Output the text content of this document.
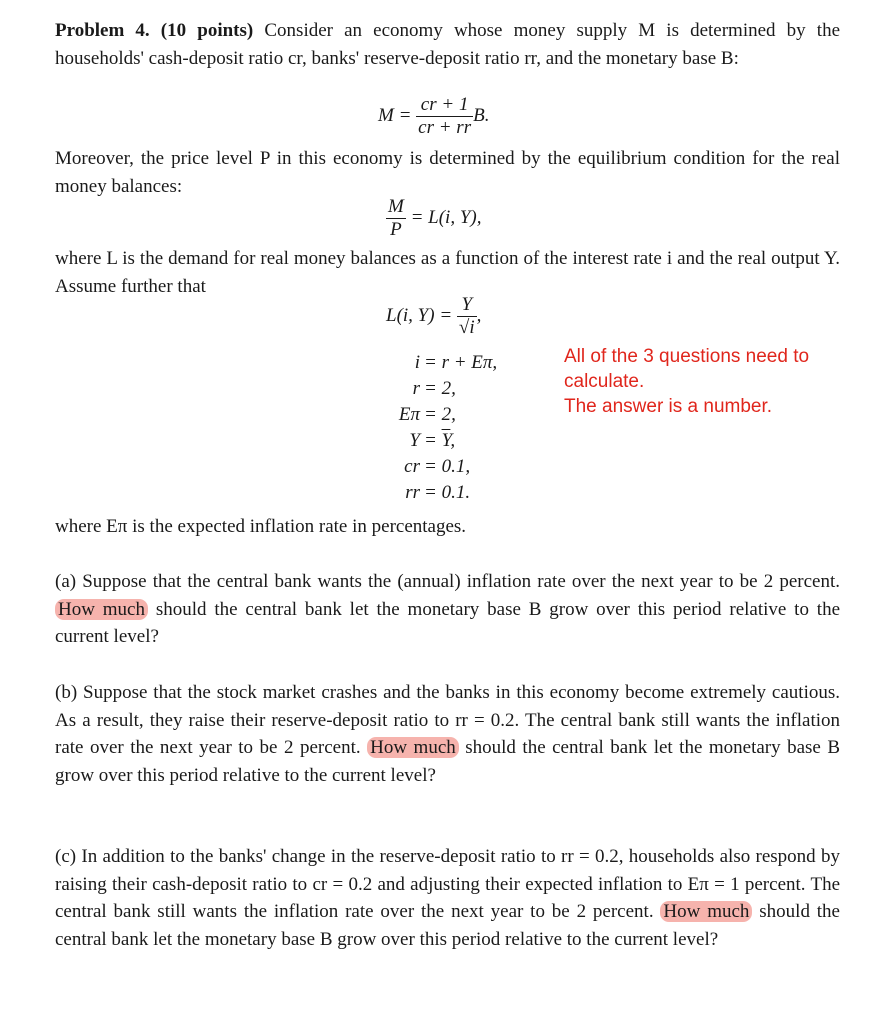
Problem 4. (10 points) Consider an economy whose money supply M is determined by the households' cash-deposit ratio cr, banks' reserve-deposit ratio rr, and the monetary base B:

$M = \frac{cr + 1}{cr + rr} B$.

Moreover, the price level P in this economy is determined by the equilibrium condition for the real money balances:

$\frac{M}{P} = L(i$, Y),

where L is the demand for real money balances as a function of the interest rate i and the real output Y. Assume further that

L(i, $Y) = \frac{Y}{√i}$ ,
i = r + Eπ,
r = 2,
Eπ = 2,
$Y = \overline{Y}$,
cr = 0.1,
rr = 0.1.
All of the 3 questions need to calculate.
The answer is a number.

where Eπ is the expected inflation rate in percentages.

(a) Suppose that the central bank wants the (annual) inflation rate over the next year to be 2 percent. How much should the central bank let the monetary base B grow over this period relative to the current level?

(b) Suppose that the stock market crashes and the banks in this economy become extremely cautious. As a result, they raise their reserve-deposit ratio to rr = 0.2. The central bank still wants the inflation rate over the next year to be 2 percent. How much should the central bank let the monetary base B grow over this period relative to the current level?

(c) In addition to the banks' change in the reserve-deposit ratio to rr = 0.2, households also respond by raising their cash-deposit ratio to cr = 0.2 and adjusting their expected inflation to Eπ = 1 percent. The central bank still wants the inflation rate over the next year to be 2 percent. How much should the central bank let the monetary base B grow over this period relative to the current level?
